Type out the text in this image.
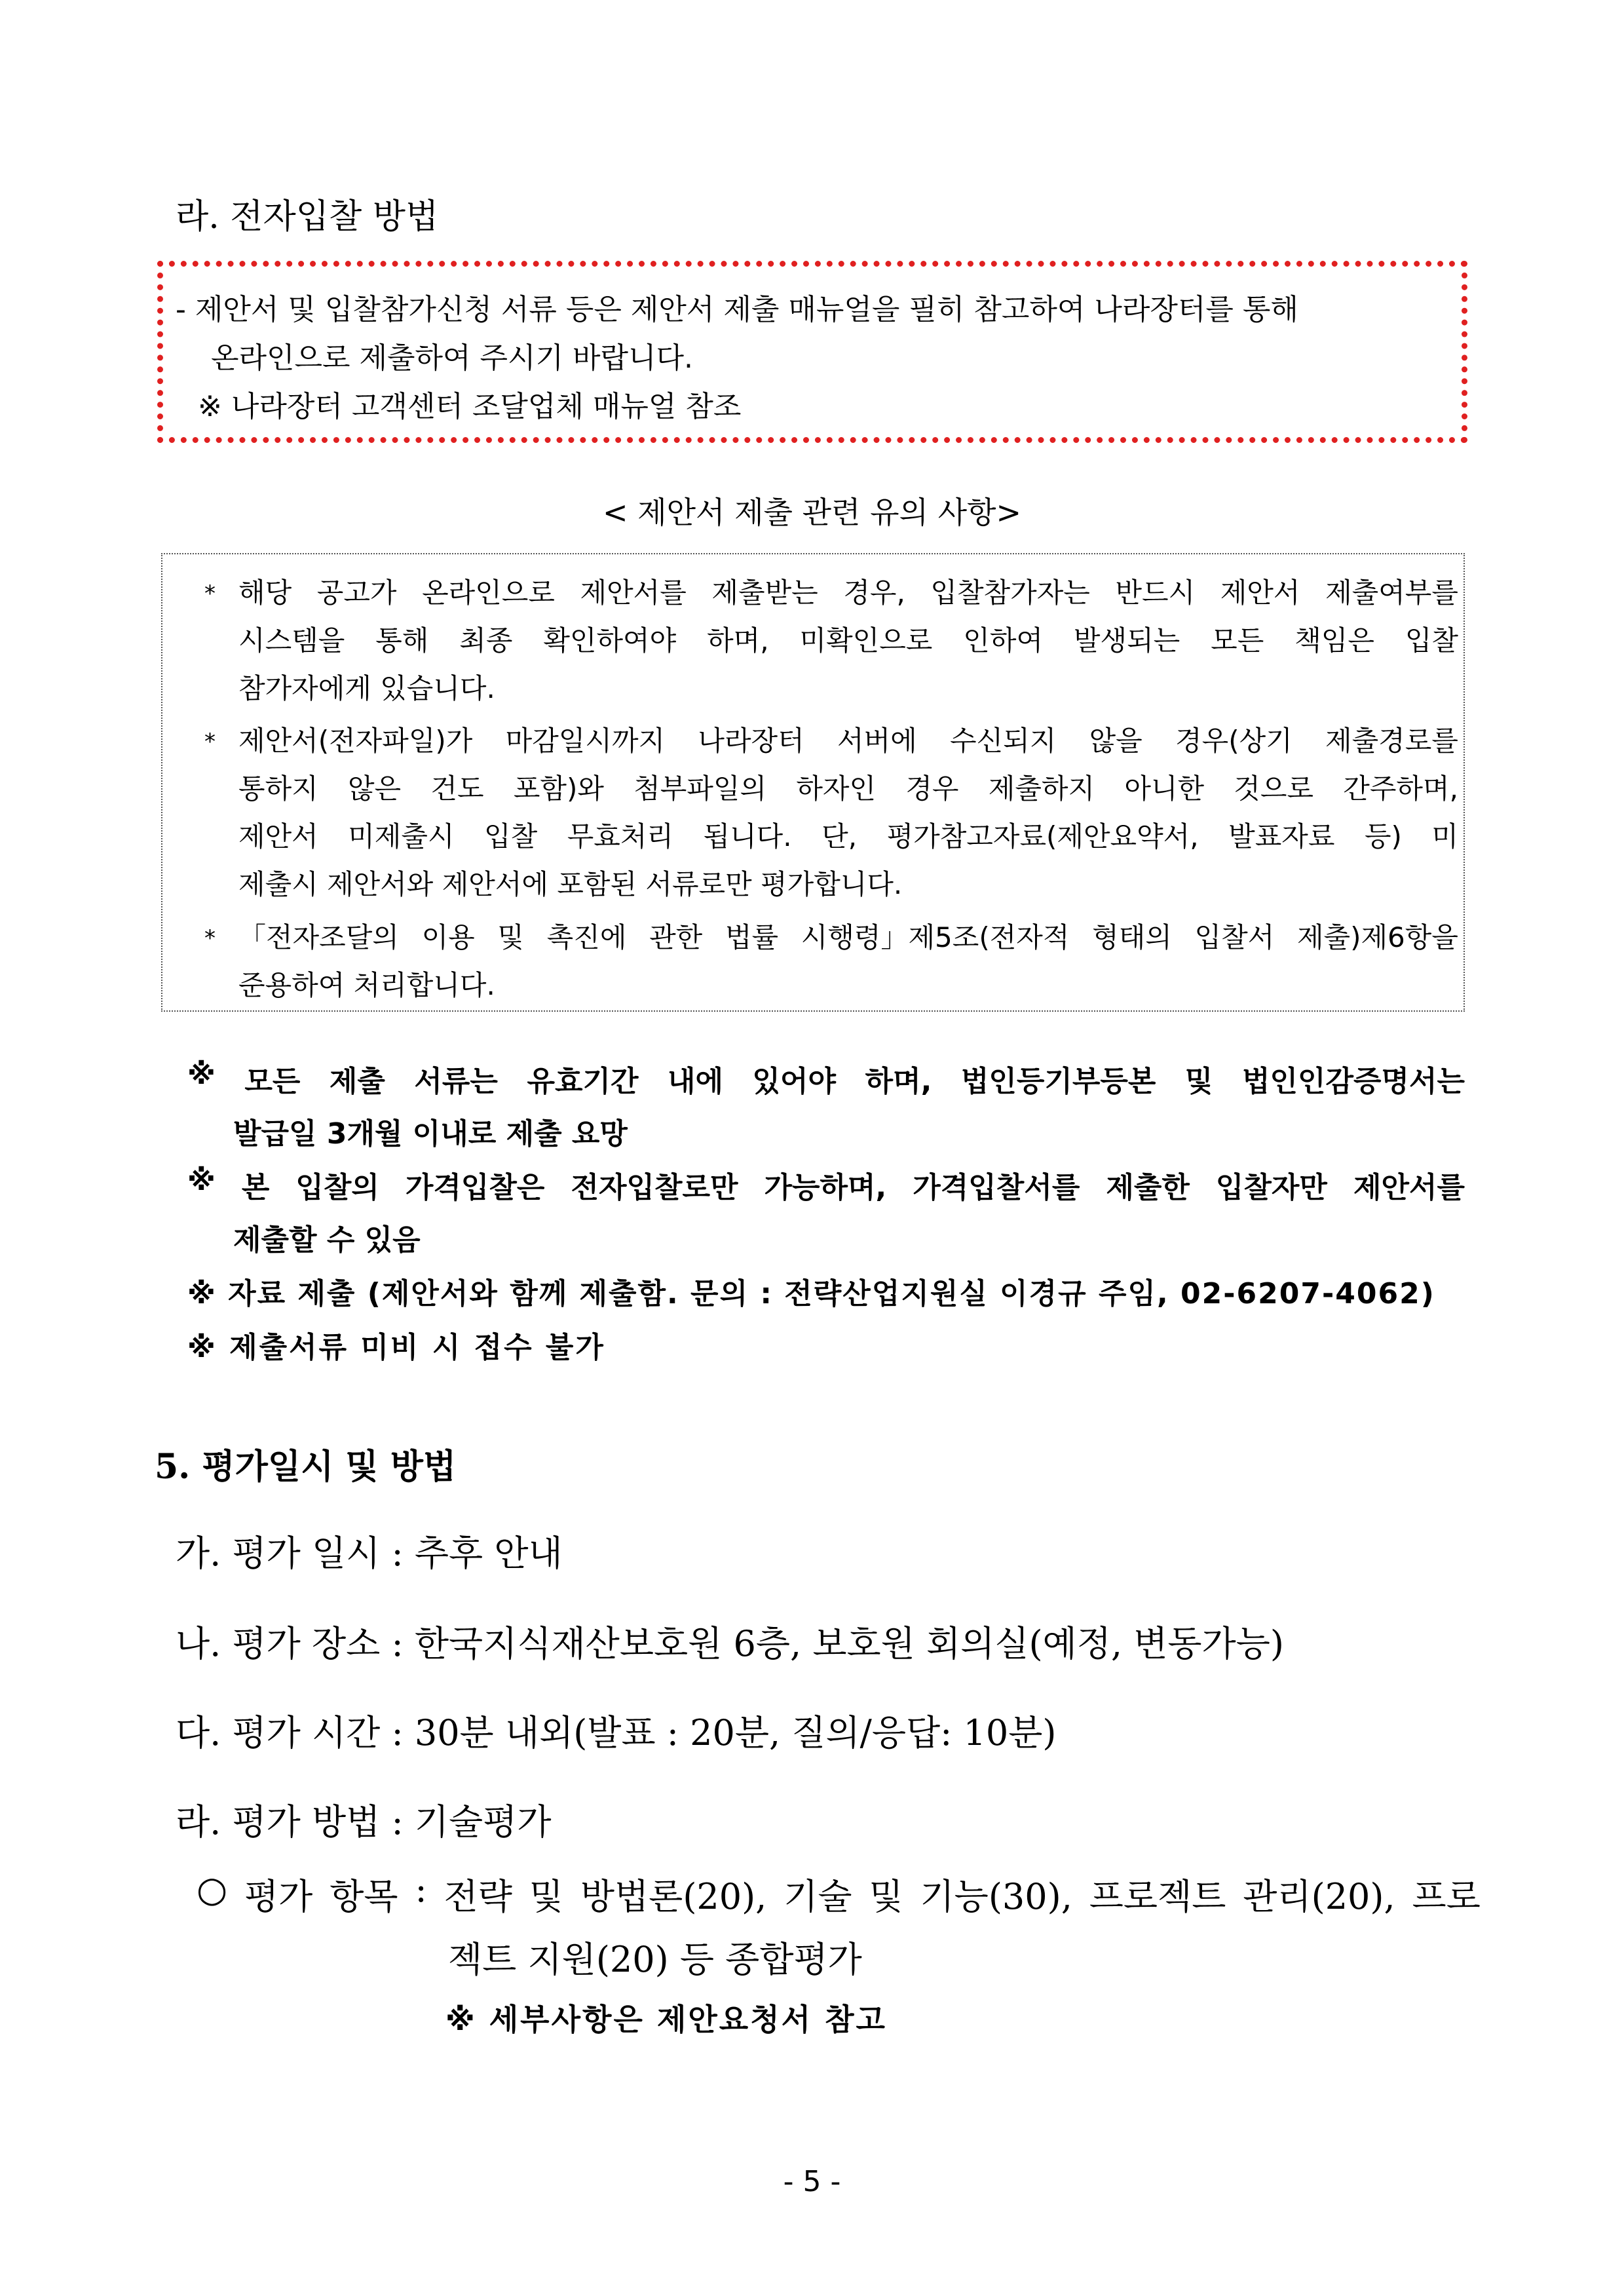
라. 전자입찰 방법
- 제안서 및 입찰참가신청 서류 등은 제안서 제출 매뉴얼을 필히 참고하여 나라장터를 통해
온라인으로 제출하여 주시기 바랍니다.
※ 나라장터 고객센터 조달업체 매뉴얼 참조
< 제안서 제출 관련 유의 사항>
* 해당 공고가 온라인으로 제안서를 제출받는 경우, 입찰참가자는 반드시 제안서 제출여부를
시스템을 통해 최종 확인하여야 하며, 미확인으로 인하여 발생되는 모든 책임은 입찰
참가자에게 있습니다.
* 제안서(전자파일)가 마감일시까지 나라장터 서버에 수신되지 않을 경우(상기 제출경로를
통하지 않은 건도 포함)와 첨부파일의 하자인 경우 제출하지 아니한 것으로 간주하며,
제안서 미제출시 입찰 무효처리 됩니다. 단, 평가참고자료(제안요약서, 발표자료 등) 미
제출시 제안서와 제안서에 포함된 서류로만 평가합니다.
* 「전자조달의 이용 및 촉진에 관한 법률 시행령」제5조(전자적 형태의 입찰서 제출)제6항을
준용하여 처리합니다.
※ 모든 제출 서류는 유효기간 내에 있어야 하며, 법인등기부등본 및 법인인감증명서는
발급일 3개월 이내로 제출 요망
※ 본 입찰의 가격입찰은 전자입찰로만 가능하며, 가격입찰서를 제출한 입찰자만 제안서를
제출할 수 있음
※ 자료 제출 (제안서와 함께 제출함. 문의 : 전략산업지원실 이경규 주임, 02-6207-4062)
※ 제출서류 미비 시 접수 불가
5. 평가일시 및 방법
가. 평가 일시 : 추후 안내
나. 평가 장소 : 한국지식재산보호원 6층, 보호원 회의실(예정, 변동가능)
다. 평가 시간 : 30분 내외(발표 : 20분, 질의/응답: 10분)
라. 평가 방법 : 기술평가
○ 평가 항목 : 전략 및 방법론(20), 기술 및 기능(30), 프로젝트 관리(20), 프로
젝트 지원(20) 등 종합평가
※ 세부사항은 제안요청서 참고
- 5 -
